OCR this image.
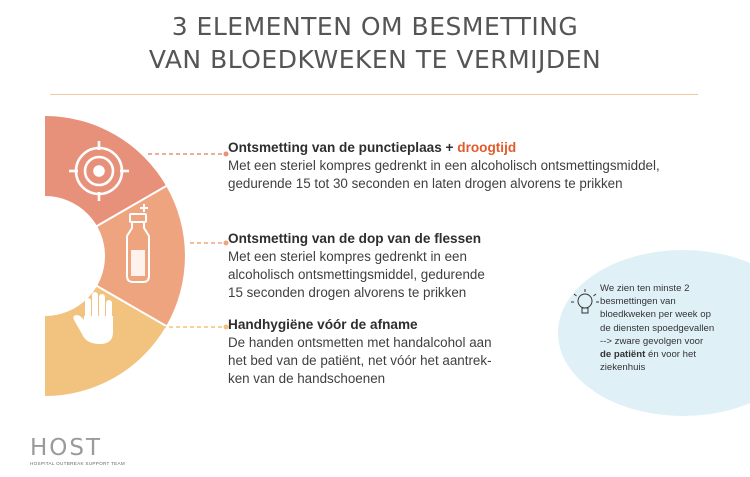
3 ELEMENTEN OM BESMETTING
VAN BLOEDKWEKEN TE VERMIJDEN
Ontsmetting van de punctieplaas + droogtijd
Met een steriel kompres gedrenkt in een alcoholisch ontsmettingsmiddel,
gedurende 15 tot 30 seconden en laten drogen alvorens te prikken
Ontsmetting van de dop van de flessen
Met een steriel kompres gedrenkt in een
alcoholisch ontsmettingsmiddel, gedurende
15 seconden drogen alvorens te prikken
Handhygiëne vóór de afname
De handen ontsmetten met handalcohol aan
het bed van de patiënt, net vóór het aantrek-
ken van de handschoenen
We zien ten minste 2
besmettingen van
bloedkweken per week op
de diensten spoedgevallen
--> zware gevolgen voor
de patiënt én voor het
ziekenhuis
HOST
HOSPITAL OUTBREAK SUPPORT TEAM
